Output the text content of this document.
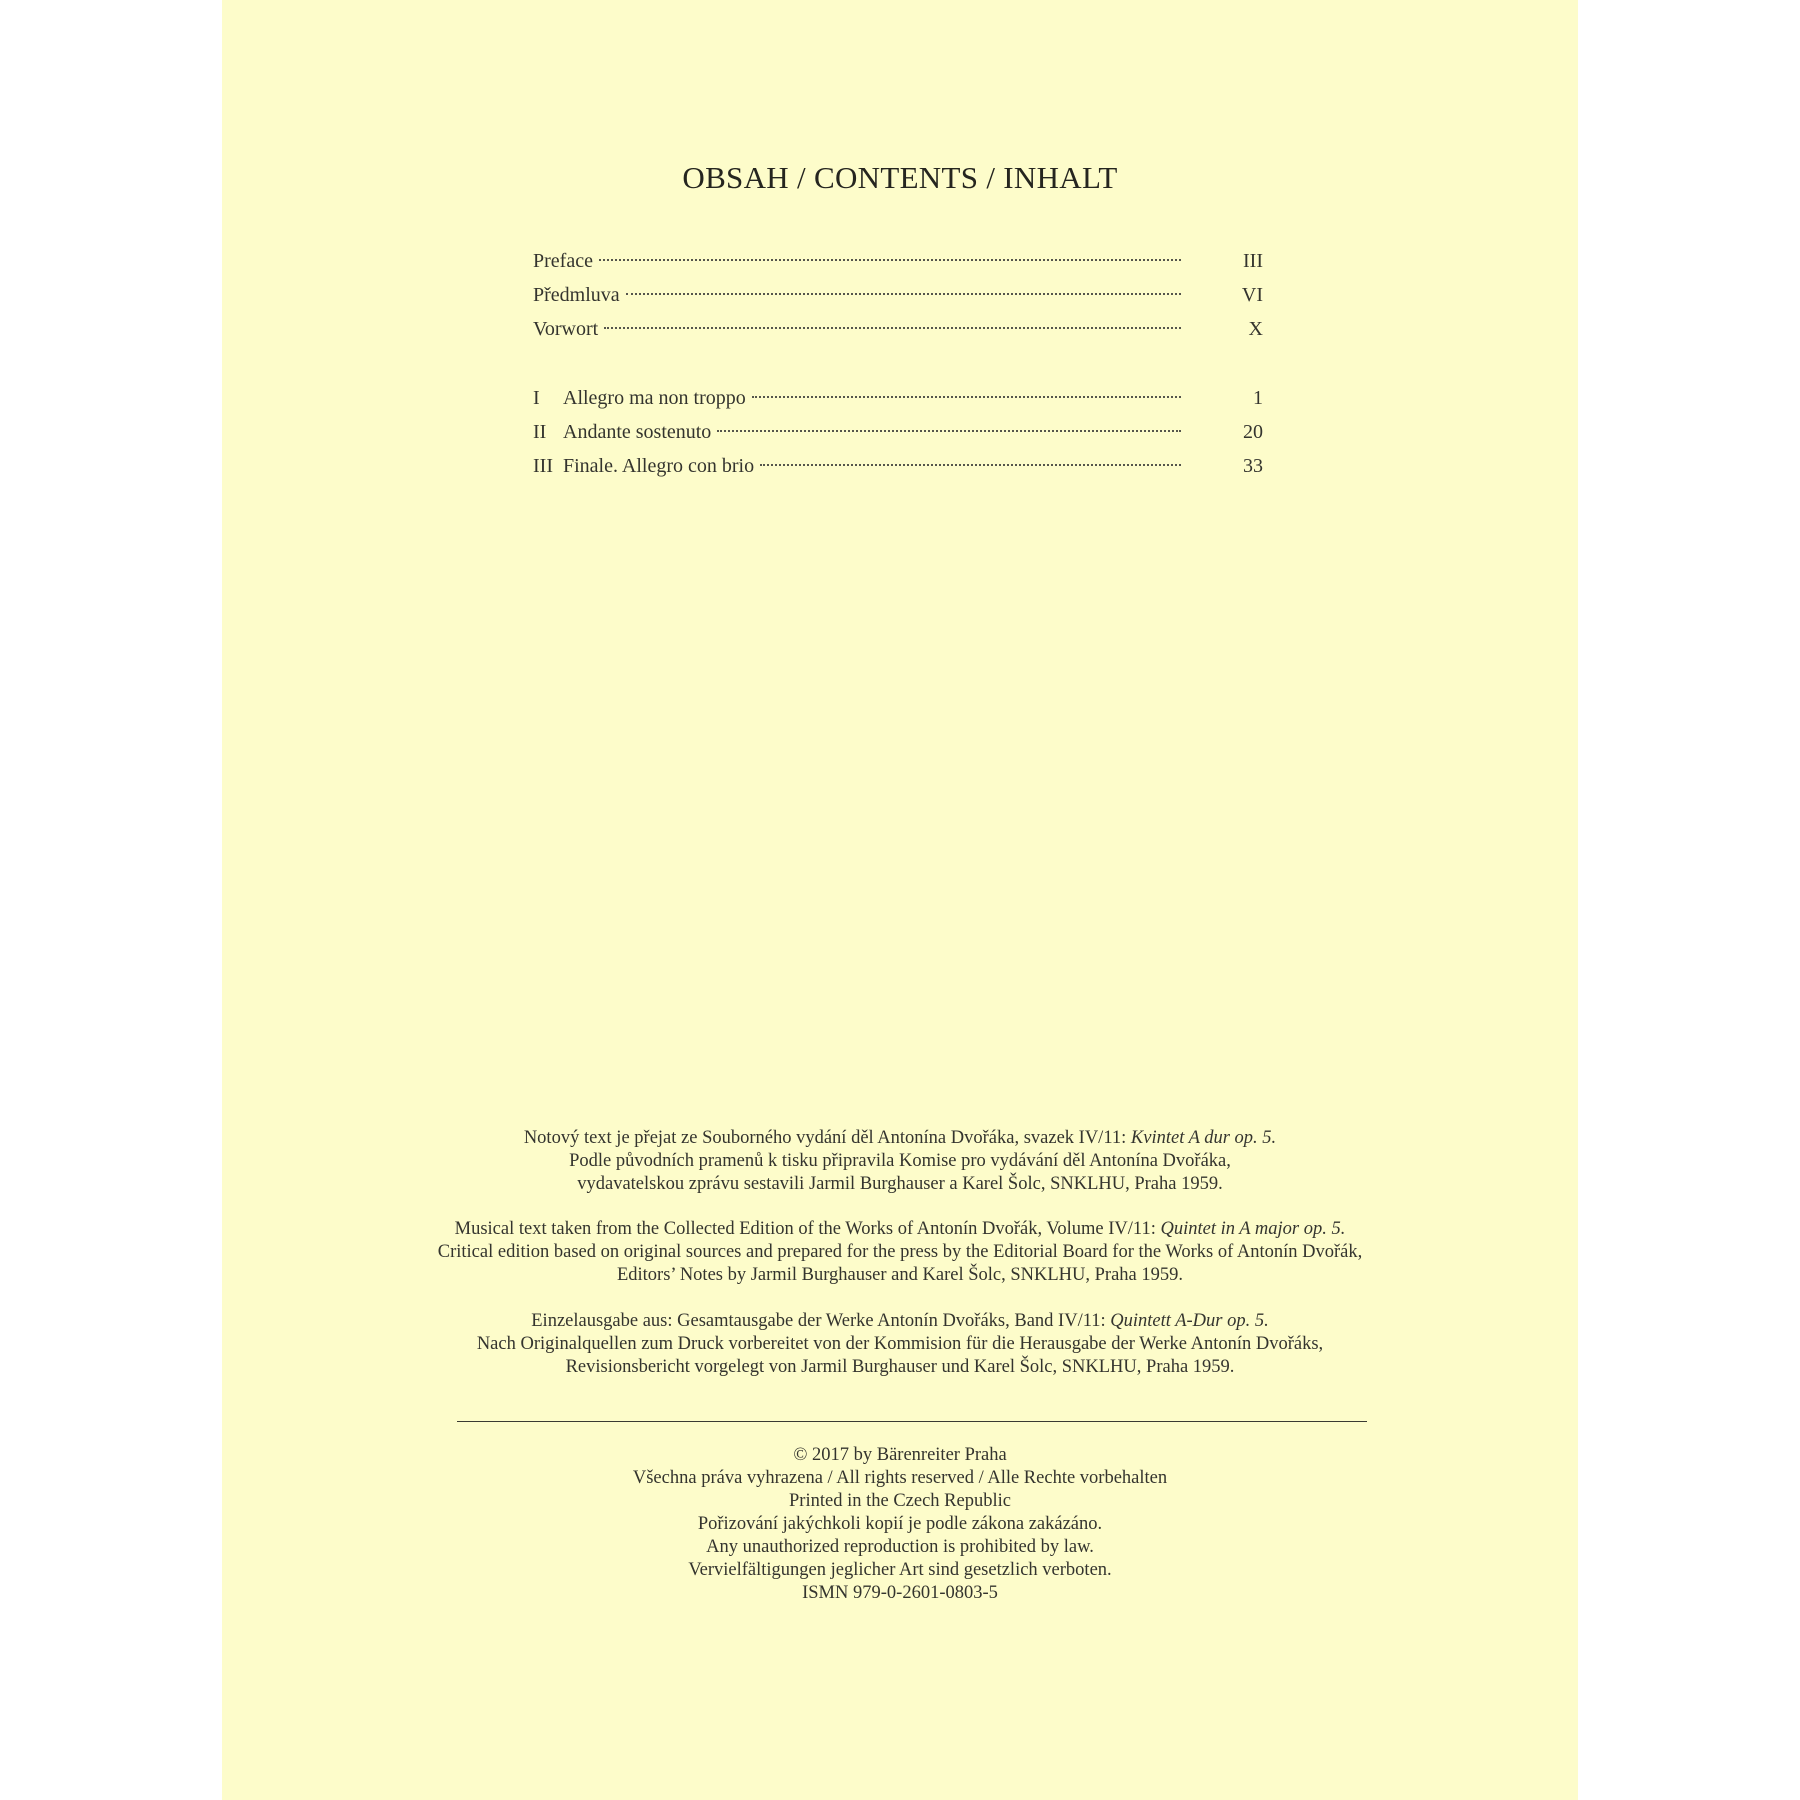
OBSAH / CONTENTS / INHALT
Preface	III
Předmluva	VI
Vorwort	X
I	Allegro ma non troppo	1
II Andante sostenuto	20
III Finale. Allegro con brio	33

Notový text je přejat ze Souborného vydání děl Antonína Dvořáka, svazek IV/11: Kvintet A dur op. 5.

Podle původních pramenů k tisku připravila Komise pro vydávání děl Antonína Dvořáka,

vydavatelskou zprávu sestavili Jarmil Burghauser a Karel Šolc, SNKLHU, Praha 1959.

Musical text taken from the Collected Edition of the Works of Antonín Dvořák, Volume IV/11: Quintet in A major op. 5.

Critical edition based on original sources and prepared for the press by the Editorial Board for the Works of Antonín Dvořák,

Editors’ Notes by Jarmil Burghauser and Karel Šolc, SNKLHU, Praha 1959.

Einzelausgabe aus: Gesamtausgabe der Werke Antonín Dvořáks, Band IV/11: Quintett A-Dur op. 5.

Nach Originalquellen zum Druck vorbereitet von der Kommision für die Herausgabe der Werke Antonín Dvořáks,

Revisionsbericht vorgelegt von Jarmil Burghauser und Karel Šolc, SNKLHU, Praha 1959.

© 2017 by Bärenreiter Praha

Všechna práva vyhrazena / All rights reserved / Alle Rechte vorbehalten

Printed in the Czech Republic

Pořizování jakýchkoli kopií je podle zákona zakázáno.

Any unauthorized reproduction is prohibited by law.

Vervielfältigungen jeglicher Art sind gesetzlich verboten.

ISMN 979-0-2601-0803-5
